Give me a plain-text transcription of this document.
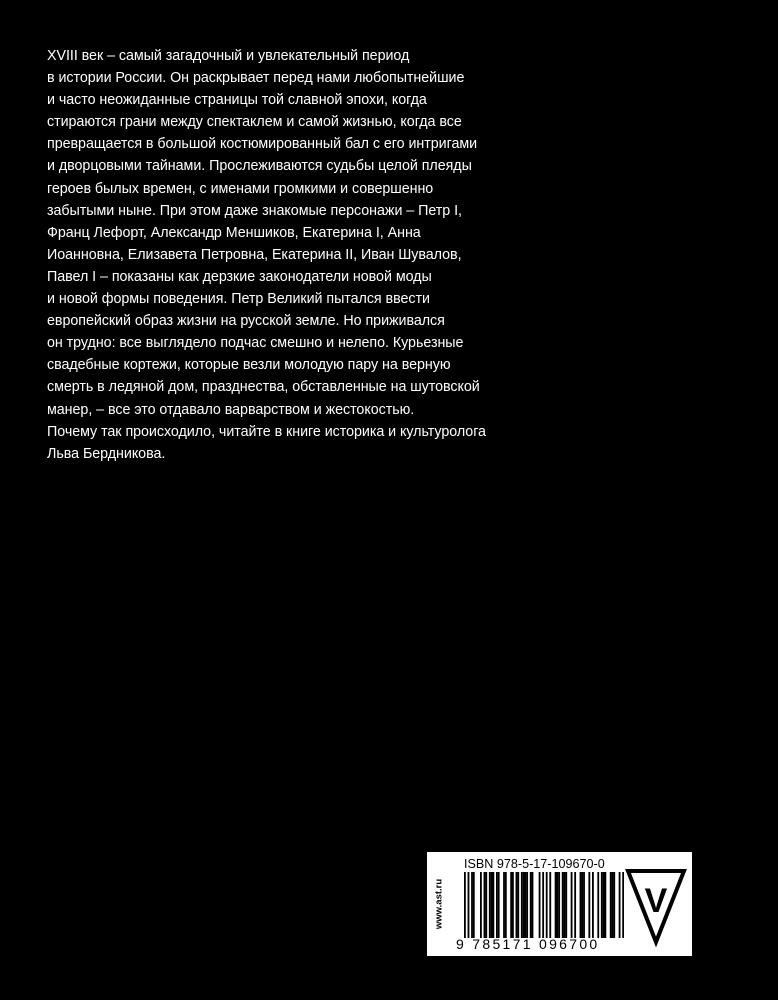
XVIII век – самый загадочный и увлекательный период
в истории России. Он раскрывает перед нами любопытнейшие
и часто неожиданные страницы той славной эпохи, когда
стираются грани между спектаклем и самой жизнью, когда все
превращается в большой костюмированный бал с его интригами
и дворцовыми тайнами. Прослеживаются судьбы целой плеяды
героев былых времен, с именами громкими и совершенно
забытыми ныне. При этом даже знакомые персонажи – Петр I,
Франц Лефорт, Александр Меншиков, Екатерина I, Анна
Иоанновна, Елизавета Петровна, Екатерина II, Иван Шувалов,
Павел I – показаны как дерзкие законодатели новой моды
и новой формы поведения. Петр Великий пытался ввести
европейский образ жизни на русской земле. Но приживался
он трудно: все выглядело подчас смешно и нелепо. Курьезные
свадебные кортежи, которые везли молодую пару на верную
смерть в ледяной дом, празднества, обставленные на шутовской
манер, – все это отдавало варварством и жестокостью.
Почему так происходило, читайте в книге историка и культуролога
Льва Бердникова.
www.ast.ru
ISBN 978-5-17-109670-0
9 785171 096700
V
